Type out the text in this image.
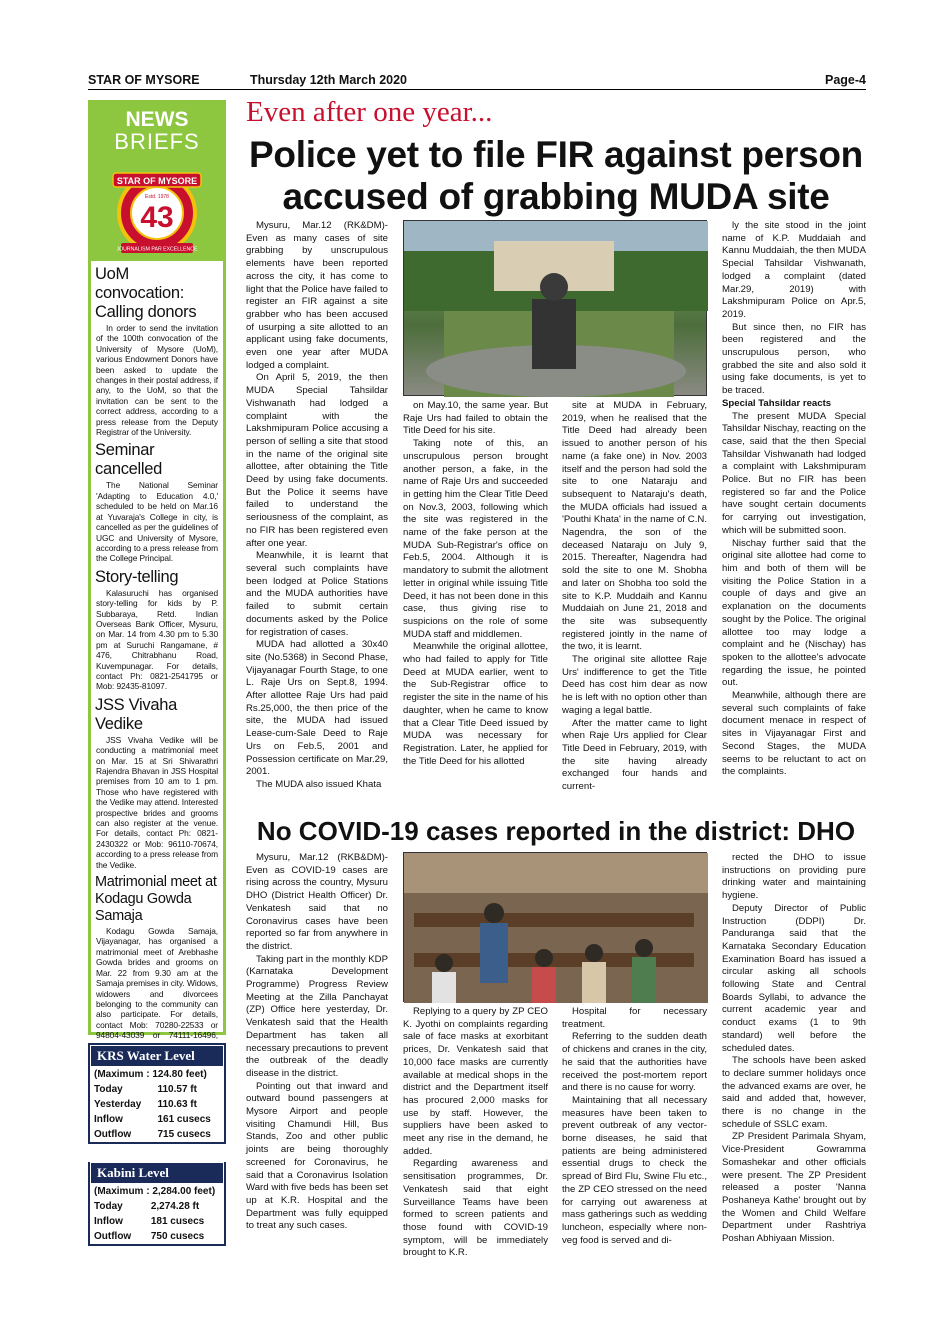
STAR OF MYSORE	Thursday 12th March 2020	Page-4
NEWS
BRIEFS
STAR OF MYSORE
Estd. 1978
43
JOURNALISM PAR EXCELLENCE
UoM convocation: Calling donors

In order to send the invitation of the 100th convocation of the University of Mysore (UoM), various Endowment Donors have been asked to update the changes in their postal address, if any, to the UoM, so that the invitation can be sent to the correct address, according to a press release from the Deputy Registrar of the University.

Seminar cancelled

The National Seminar 'Adapting to Education 4.0,' scheduled to be held on Mar.16 at Yuvaraja's College in city, is cancelled as per the guidelines of UGC and University of Mysore, according to a press release from the College Principal.

Story-telling

Kalasuruchi has organised story-telling for kids by P. Subbaraya, Retd. Indian Overseas Bank Officer, Mysuru, on Mar. 14 from 4.30 pm to 5.30 pm at Suruchi Rangamane, # 476, Chitrabhanu Road, Kuvempunagar. For details, contact Ph: 0821-2541795 or Mob: 92435-81097.

JSS Vivaha Vedike

JSS Vivaha Vedike will be conducting a matrimonial meet on Mar. 15 at Sri Shivarathri Rajendra Bhavan in JSS Hospital premises from 10 am to 1 pm. Those who have registered with the Vedike may attend. Interested prospective brides and grooms can also register at the venue. For details, contact Ph: 0821-2430322 or Mob: 96110-70674, according to a press release from the Vedike.

Matrimonial meet at Kodagu Gowda Samaja

Kodagu Gowda Samaja, Vijayanagar, has organised a matrimonial meet of Arebhashe Gowda brides and grooms on Mar. 22 from 9.30 am at the Samaja premises in city. Widows, widowers and divorcees belonging to the community can also participate. For details, contact Mob: 70280-22533 or 94804-43039 or 74111-16496,

KRS Water Level
(Maximum : 124.80 feet)	
Today	110.57 ft
Yesterday	110.63 ft
Inflow	161 cusecs
Outflow	715 cusecs
Kabini Level
(Maximum : 2,284.00 feet)	
Today	2,274.28 ft
Inflow	181 cusecs
Outflow	750 cusecs
Even after one year...
Police yet to file FIR against person accused of grabbing MUDA site

Mysuru, Mar.12 (RK&DM)- Even as many cases of site grabbing by unscrupulous elements have been reported across the city, it has come to light that the Police have failed to register an FIR against a site grabber who has been accused of usurping a site allotted to an applicant using fake documents, even one year after MUDA lodged a complaint.

On April 5, 2019, the then MUDA Special Tahsildar Vishwanath had lodged a complaint with the Lakshmipuram Police accusing a person of selling a site that stood in the name of the original site allottee, after obtaining the Title Deed by using fake documents. But the Police it seems have failed to understand the seriousness of the complaint, as no FIR has been registered even after one year.

Meanwhile, it is learnt that several such complaints have been lodged at Police Stations and the MUDA authorities have failed to submit certain documents asked by the Police for registration of cases.

MUDA had allotted a 30x40 site (No.5368) in Second Phase, Vijayanagar Fourth Stage, to one L. Raje Urs on Sept.8, 1994. After allottee Raje Urs had paid Rs.25,000, the then price of the site, the MUDA had issued Lease-cum-Sale Deed to Raje Urs on Feb.5, 2001 and Possession certificate on Mar.29, 2001.

The MUDA also issued Khata

on May.10, the same year. But Raje Urs had failed to obtain the Title Deed for his site.

Taking note of this, an unscrupulous person brought another person, a fake, in the name of Raje Urs and succeeded in getting him the Clear Title Deed on Nov.3, 2003, following which the site was registered in the name of the fake person at the MUDA Sub-Registrar's office on Feb.5, 2004. Although it is mandatory to submit the allotment letter in original while issuing Title Deed, it has not been done in this case, thus giving rise to suspicions on the role of some MUDA staff and middlemen.

Meanwhile the original allottee, who had failed to apply for Title Deed at MUDA earlier, went to the Sub-Registrar office to register the site in the name of his daughter, when he came to know that a Clear Title Deed issued by MUDA was necessary for Registration. Later, he applied for the Title Deed for his allotted

site at MUDA in February, 2019, when he realised that the Title Deed had already been issued to another person of his name (a fake one) in Nov. 2003 itself and the person had sold the site to one Nataraju and subsequent to Nataraju's death, the MUDA officials had issued a 'Pouthi Khata' in the name of C.N. Nagendra, the son of the deceased Nataraju on July 9, 2015. Thereafter, Nagendra had sold the site to one M. Shobha and later on Shobha too sold the site to K.P. Muddaih and Kannu Muddaiah on June 21, 2018 and the site was subsequently registered jointly in the name of the two, it is learnt.

The original site allottee Raje Urs' indifference to get the Title Deed has cost him dear as now he is left with no option other than waging a legal battle.

After the matter came to light when Raje Urs applied for Clear Title Deed in February, 2019, with the site having already exchanged four hands and current-

ly the site stood in the joint name of K.P. Muddaiah and Kannu Muddaiah, the then MUDA Special Tahsildar Vishwanath, lodged a complaint (dated Mar.29, 2019) with Lakshmipuram Police on Apr.5, 2019.

But since then, no FIR has been registered and the unscrupulous person, who grabbed the site and also sold it using fake documents, is yet to be traced.

Special Tahsildar reacts

The present MUDA Special Tahsildar Nischay, reacting on the case, said that the then Special Tahsildar Vishwanath had lodged a complaint with Lakshmipuram Police. But no FIR has been registered so far and the Police have sought certain documents for carrying out investigation, which will be submitted soon.

Nischay further said that the original site allottee had come to him and both of them will be visiting the Police Station in a couple of days and give an explanation on the documents sought by the Police. The original allottee too may lodge a complaint and he (Nischay) has spoken to the allottee's advocate regarding the issue, he pointed out.

Meanwhile, although there are several such complaints of fake document menace in respect of sites in Vijayanagar First and Second Stages, the MUDA seems to be reluctant to act on the complaints.

No COVID-19 cases reported in the district: DHO

Mysuru, Mar.12 (RKB&DM)- Even as COVID-19 cases are rising across the country, Mysuru DHO (District Health Officer) Dr. Venkatesh said that no Coronavirus cases have been reported so far from anywhere in the district.

Taking part in the monthly KDP (Karnataka Development Programme) Progress Review Meeting at the Zilla Panchayat (ZP) Office here yesterday, Dr. Venkatesh said that the Health Department has taken all necessary precautions to prevent the outbreak of the deadly disease in the district.

Pointing out that inward and outward bound passengers at Mysore Airport and people visiting Chamundi Hill, Bus Stands, Zoo and other public joints are being thoroughly screened for Coronavirus, he said that a Coronavirus Isolation Ward with five beds has been set up at K.R. Hospital and the Department was fully equipped to treat any such cases.

Replying to a query by ZP CEO K. Jyothi on complaints regarding sale of face masks at exorbitant prices, Dr. Venkatesh said that 10,000 face masks are currently available at medical shops in the district and the Department itself has procured 2,000 masks for use by staff. However, the suppliers have been asked to meet any rise in the demand, he added.

Regarding awareness and sensitisation programmes, Dr. Venkatesh said that eight Surveillance Teams have been formed to screen patients and those found with COVID-19 symptom, will be immediately brought to K.R.

Hospital for necessary treatment.

Referring to the sudden death of chickens and cranes in the city, he said that the authorities have received the post-mortem report and there is no cause for worry.

Maintaining that all necessary measures have been taken to prevent outbreak of any vector-borne diseases, he said that patients are being administered essential drugs to check the spread of Bird Flu, Swine Flu etc., the ZP CEO stressed on the need for carrying out awareness at mass gatherings such as wedding luncheon, especially where non-veg food is served and di-

rected the DHO to issue instructions on providing pure drinking water and maintaining hygiene.

Deputy Director of Public Instruction (DDPI) Dr. Panduranga said that the Karnataka Secondary Education Examination Board has issued a circular asking all schools following State and Central Boards Syllabi, to advance the current academic year and conduct exams (1 to 9th standard) well before the scheduled dates.

The schools have been asked to declare summer holidays once the advanced exams are over, he said and added that, however, there is no change in the schedule of SSLC exam.

ZP President Parimala Shyam, Vice-President Gowramma Somashekar and other officials were present. The ZP President released a poster 'Nanna Poshaneya Kathe' brought out by the Women and Child Welfare Department under Rashtriya Poshan Abhiyaan Mission.
